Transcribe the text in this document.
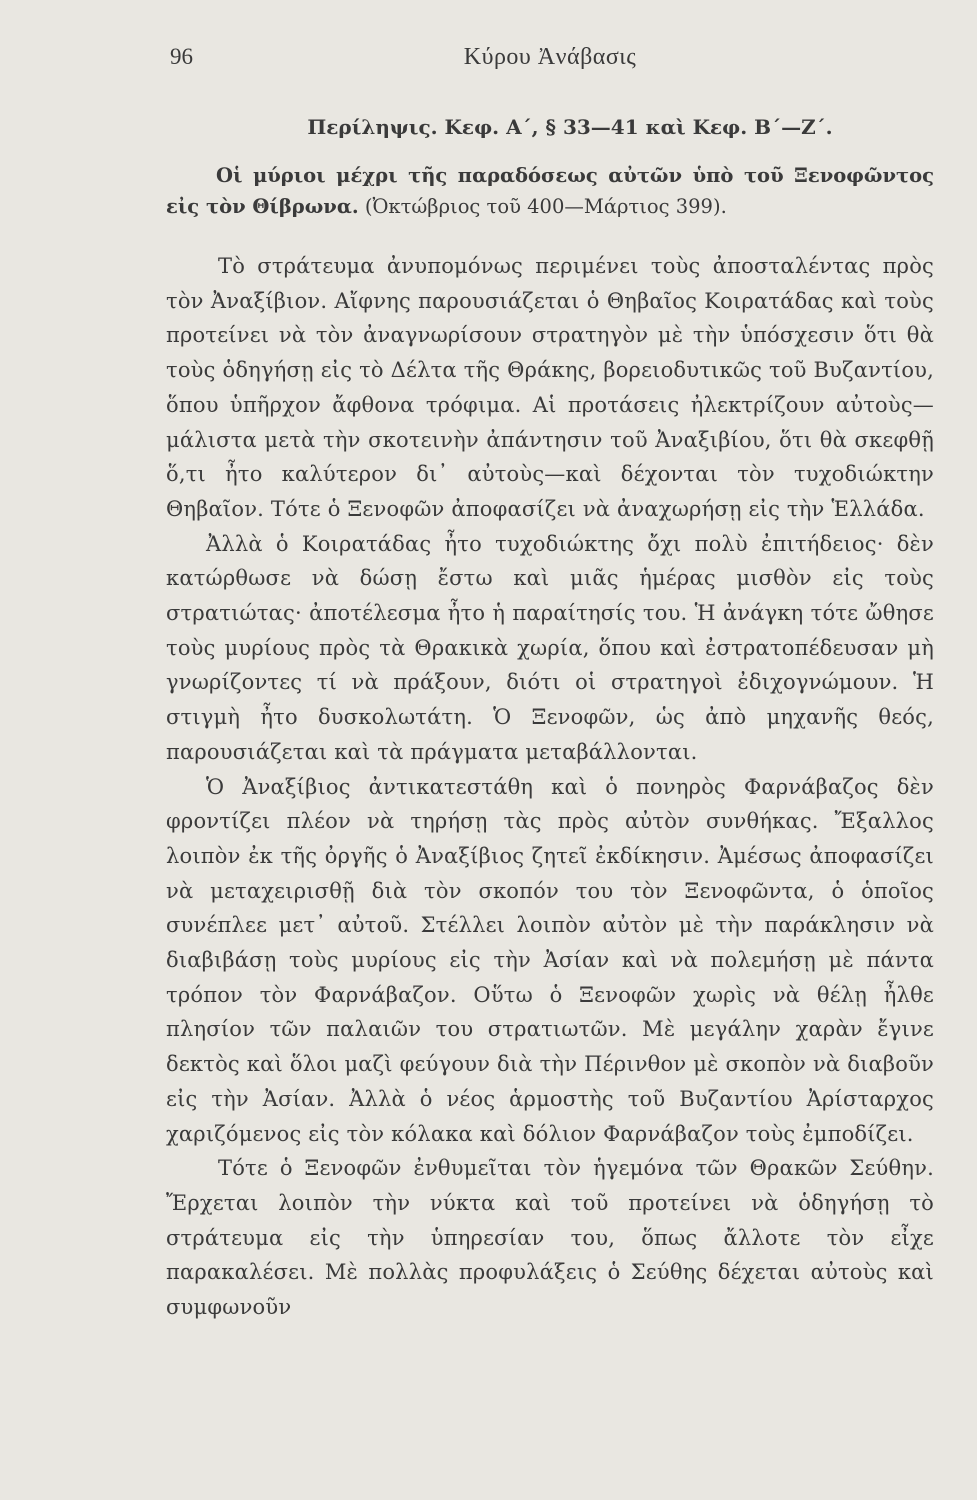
96	Κύρου Ἀνάβασις
Περίληψις. Κεφ. Α΄, § 33—41 καὶ Κεφ. Β΄—Ζ΄.
Οἱ μύριοι μέχρι τῆς παραδόσεως αὐτῶν ὑπὸ τοῦ Ξενοφῶντος εἰς τὸν Θίβρωνα. (Ὀκτώβριος τοῦ 400—Μάρτιος 399).

Τὸ στράτευμα ἀνυπομόνως περιμένει τοὺς ἀποσταλέντας πρὸς τὸν Ἀναξίβιον. Αἴφνης παρουσιάζεται ὁ Θηβαῖος Κοιρατάδας καὶ τοὺς προτείνει νὰ τὸν ἀναγνωρίσουν στρατηγὸν μὲ τὴν ὑπόσχεσιν ὅτι θὰ τοὺς ὁδηγήσῃ εἰς τὸ Δέλτα τῆς Θράκης, βορειοδυτικῶς τοῦ Βυζαντίου, ὅπου ὑπῆρχον ἄφθονα τρόφιμα. Αἱ προτάσεις ἠλεκτρίζουν αὐτοὺς—μάλιστα μετὰ τὴν σκοτεινὴν ἀπάντησιν τοῦ Ἀναξιβίου, ὅτι θὰ σκεφθῇ ὅ,τι ἦτο καλύτερον δι᾿ αὐτοὺς—καὶ δέχονται τὸν τυχοδιώκτην Θηβαῖον. Τότε ὁ Ξενοφῶν ἀποφασίζει νὰ ἀναχωρήσῃ εἰς τὴν Ἑλλάδα.

Ἀλλὰ ὁ Κοιρατάδας ἦτο τυχοδιώκτης ὄχι πολὺ ἐπιτήδειος· δὲν κατώρθωσε νὰ δώσῃ ἔστω καὶ μιᾶς ἡμέρας μισθὸν εἰς τοὺς στρατιώτας· ἀποτέλεσμα ἦτο ἡ παραίτησίς του. Ἡ ἀνάγκη τότε ὤθησε τοὺς μυρίους πρὸς τὰ Θρακικὰ χωρία, ὅπου καὶ ἐστρατοπέδευσαν μὴ γνωρίζοντες τί νὰ πράξουν, διότι οἱ στρατηγοὶ ἐδιχογνώμουν. Ἡ στιγμὴ ἦτο δυσκολωτάτη. Ὁ Ξενοφῶν, ὡς ἀπὸ μηχανῆς θεός, παρουσιάζεται καὶ τὰ πράγματα μεταβάλλονται.

Ὁ Ἀναξίβιος ἀντικατεστάθη καὶ ὁ πονηρὸς Φαρνάβαζος δὲν φροντίζει πλέον νὰ τηρήσῃ τὰς πρὸς αὐτὸν συνθήκας. Ἔξαλλος λοιπὸν ἐκ τῆς ὀργῆς ὁ Ἀναξίβιος ζητεῖ ἐκδίκησιν. Ἀμέσως ἀποφασίζει νὰ μεταχειρισθῇ διὰ τὸν σκοπόν του τὸν Ξενοφῶντα, ὁ ὁποῖος συνέπλεε μετ᾿ αὐτοῦ. Στέλλει λοιπὸν αὐτὸν μὲ τὴν παράκλησιν νὰ διαβιβάσῃ τοὺς μυρίους εἰς τὴν Ἀσίαν καὶ νὰ πολεμήσῃ μὲ πάντα τρόπον τὸν Φαρνάβαζον. Οὕτω ὁ Ξενοφῶν χωρὶς νὰ θέλῃ ἦλθε πλησίον τῶν παλαιῶν του στρατιωτῶν. Μὲ μεγάλην χαρὰν ἔγινε δεκτὸς καὶ ὅλοι μαζὶ φεύγουν διὰ τὴν Πέρινθον μὲ σκοπὸν νὰ διαβοῦν εἰς τὴν Ἀσίαν. Ἀλλὰ ὁ νέος ἁρμοστὴς τοῦ Βυζαντίου Ἀρίσταρχος χαριζόμενος εἰς τὸν κόλακα καὶ δόλιον Φαρνάβαζον τοὺς ἐμποδίζει.

Τότε ὁ Ξενοφῶν ἐνθυμεῖται τὸν ἡγεμόνα τῶν Θρακῶν Σεύθην. Ἔρχεται λοιπὸν τὴν νύκτα καὶ τοῦ προτείνει νὰ ὁδηγήσῃ τὸ στράτευμα εἰς τὴν ὑπηρεσίαν του, ὅπως ἄλλοτε τὸν εἶχε παρακαλέσει. Μὲ πολλὰς προφυλάξεις ὁ Σεύθης δέχεται αὐτοὺς καὶ συμφωνοῦν
